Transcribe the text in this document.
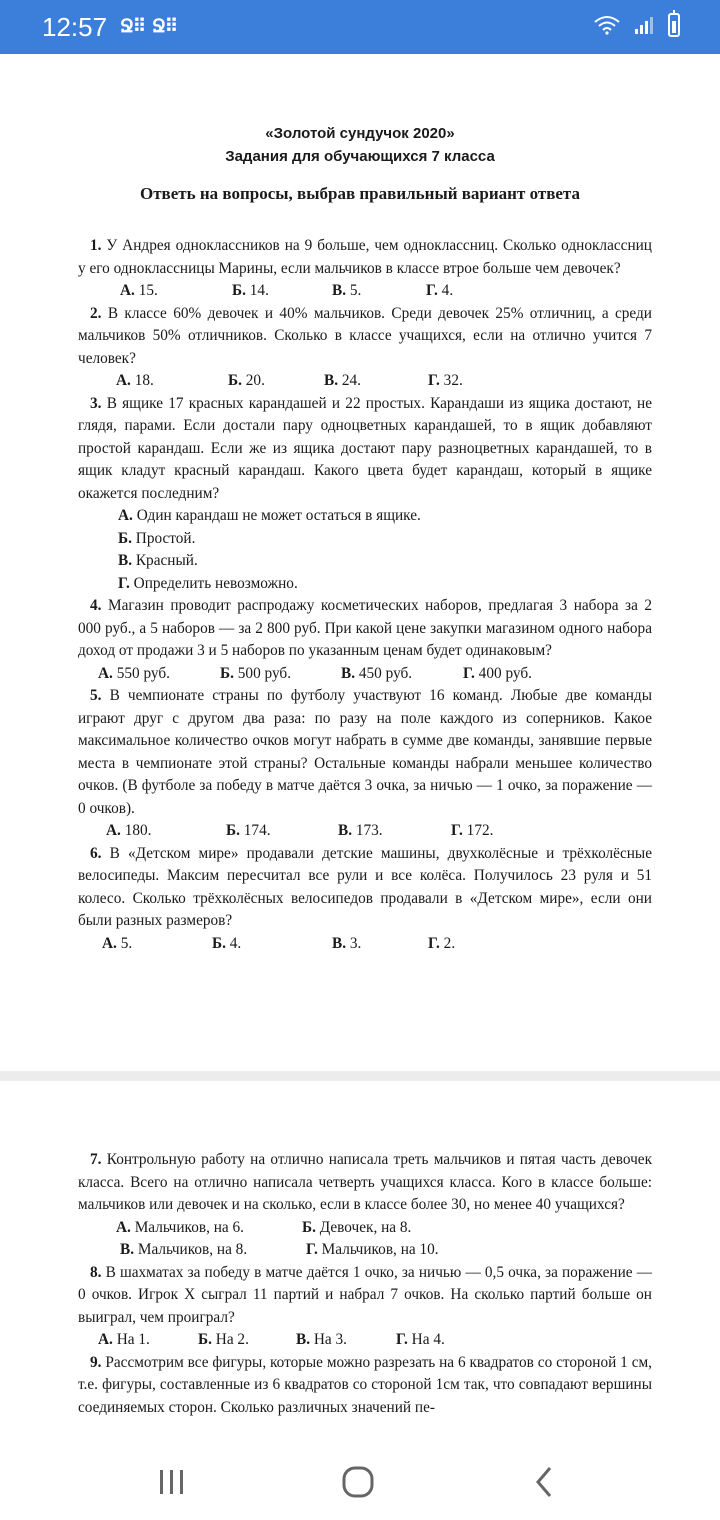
12:57 Ջ⠿ Ջ⠿
«Золотой сундучок 2020»
Задания для обучающихся 7 класса
Ответь на вопросы, выбрав правильный вариант ответа

1. У Андрея одноклассников на 9 больше, чем одноклассниц. Сколько одноклассниц у его одноклассницы Марины, если мальчиков в классе втрое больше чем девочек?

А. 15.	Б. 14.	В. 5.	Г. 4.

2. В классе 60% девочек и 40% мальчиков. Среди девочек 25% отличниц, а среди мальчиков 50% отличников. Сколько в классе учащихся, если на отлично учится 7 человек?

А. 18.	Б. 20.	В. 24.	Г. 32.

3. В ящике 17 красных карандашей и 22 простых. Карандаши из ящика достают, не глядя, парами. Если достали пару одноцветных карандашей, то в ящик добавляют простой карандаш. Если же из ящика достают пару разноцветных карандашей, то в ящик кладут красный карандаш. Какого цвета будет карандаш, который в ящике окажется последним?

А. Один карандаш не может остаться в ящике.

Б. Простой.

В. Красный.

Г. Определить невозможно.

4. Магазин проводит распродажу косметических наборов, предлагая 3 набора за 2 000 руб., а 5 наборов — за 2 800 руб. При какой цене закупки магазином одного набора доход от продажи 3 и 5 наборов по указанным ценам будет одинаковым?

А. 550 руб.	Б. 500 руб.	В. 450 руб.	Г. 400 руб.

5. В чемпионате страны по футболу участвуют 16 команд. Любые две команды играют друг с другом два раза: по разу на поле каждого из соперников. Какое максимальное количество очков могут набрать в сумме две команды, занявшие первые места в чемпионате этой страны? Остальные команды набрали меньшее количество очков. (В футболе за победу в матче даётся 3 очка, за ничью — 1 очко, за поражение — 0 очков).

А. 180.	Б. 174.	В. 173.	Г. 172.

6. В «Детском мире» продавали детские машины, двухколёсные и трёхколёсные велосипеды. Максим пересчитал все рули и все колёса. Получилось 23 руля и 51 колесо. Сколько трёхколёсных велосипедов продавали в «Детском мире», если они были разных размеров?

А. 5.	Б. 4.	В. 3.	Г. 2.

7. Контрольную работу на отлично написала треть мальчиков и пятая часть девочек класса. Всего на отлично написала четверть учащихся класса. Кого в классе больше: мальчиков или девочек и на сколько, если в классе более 30, но менее 40 учащихся?

А. Мальчиков, на 6.	Б. Девочек, на 8.
В. Мальчиков, на 8.	Г. Мальчиков, на 10.

8. В шахматах за победу в матче даётся 1 очко, за ничью — 0,5 очка, за поражение — 0 очков. Игрок Х сыграл 11 партий и набрал 7 очков. На сколько партий больше он выиграл, чем проиграл?

А. На 1.	Б. На 2.	В. На 3.	Г. На 4.

9. Рассмотрим все фигуры, которые можно разрезать на 6 квадратов со стороной 1 см, т.е. фигуры, составленные из 6 квадратов со стороной 1см так, что совпадают вершины соединяемых сторон. Сколько различных значений пе-
